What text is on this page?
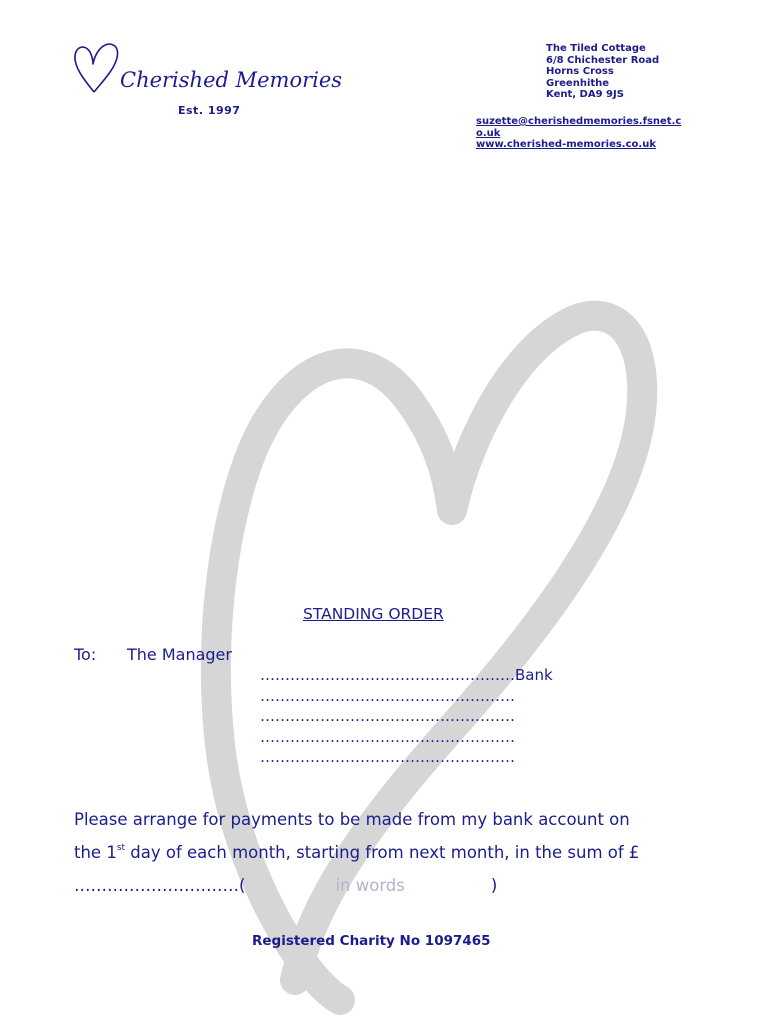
Cherished Memories
Est. 1997
The Tiled Cottage
6/8 Chichester Road
Horns Cross
Greenhithe
Kent, DA9 9JS
suzette@cherishedmemories.fsnet.c
o.uk
www.cherished-memories.co.uk
STANDING ORDER
To: The Manager
……………………………………………Bank
……………………………………………
……………………………………………
……………………………………………
……………………………………………
Please arrange for payments to be made from my bank account on
the 1st day of each month, starting from next month, in the sum of £
…………………………(	in words	)
Registered Charity No 1097465
